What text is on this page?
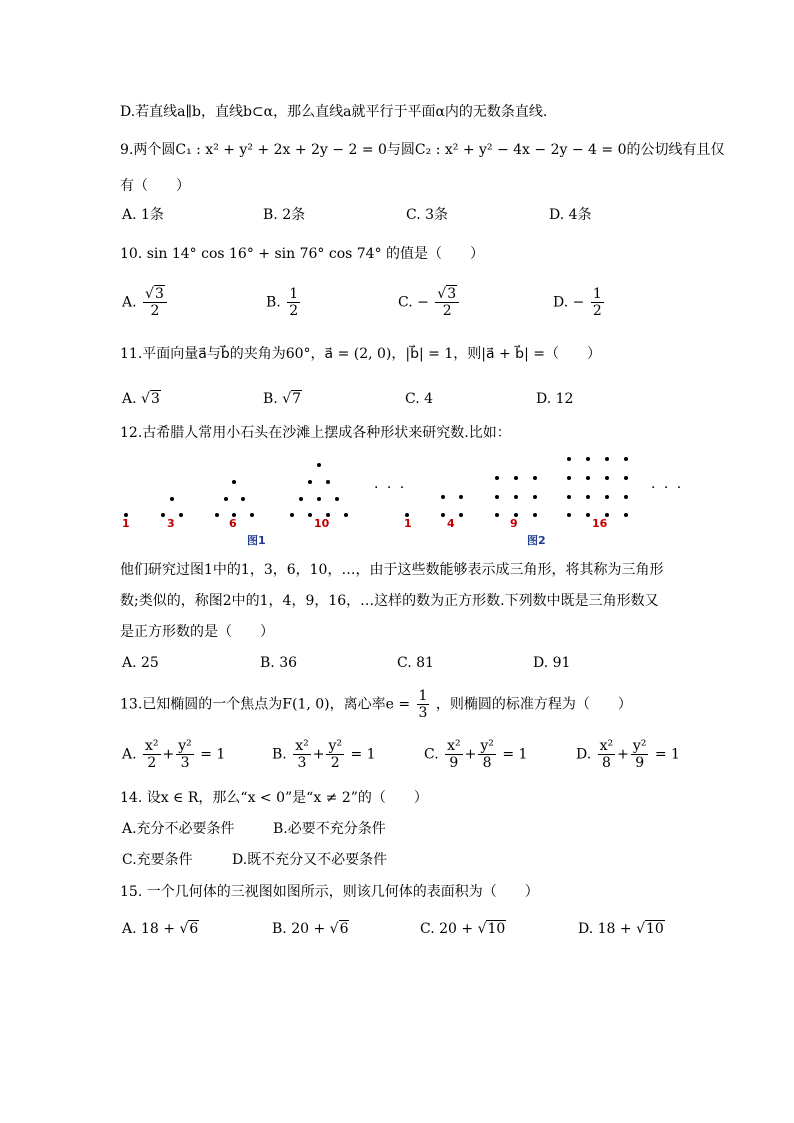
D.若直线a∥b，直线b⊂α，那么直线a就平行于平面α内的无数条直线.
9.两个圆C₁ : x² + y² + 2x + 2y − 2 = 0与圆C₂ : x² + y² − 4x − 2y − 4 = 0的公切线有且仅
有（　　）
A. 1条	B. 2条	C. 3条	D. 4条
10. sin 14° cos 16° + sin 76° cos 74° 的值是（　　）
A. $\frac{√3}{2}$	B. $\frac{1}{2}$	C. − $\frac{√3}{2}$	D. − $\frac{1}{2}$
11.平面向量a⃗与b⃗的夹角为60°，a⃗ = (2, 0)，|b⃗| = 1，则|a⃗ + b⃗| =（　　）
A. √3	B. √7	C. 4	D. 12
12.古希腊人常用小石头在沙滩上摆成各种形状来研究数.比如：
1	3	6	10
· · ·
图1
1	4	9	16
· · ·
图2
他们研究过图1中的1，3，6，10，…，由于这些数能够表示成三角形，将其称为三角形
数;类似的，称图2中的1，4，9，16，…这样的数为正方形数.下列数中既是三角形数又
是正方形数的是（　　）
A. 25	B. 36	C. 81	D. 91
13.已知椭圆的一个焦点为F(1, 0)，离心率$e = \frac{1}{3}$ ，则椭圆的标准方程为（　　）
A. $\frac{\text{x²}}{2} + \frac{\text{y²}}{3} = 1$	B. $\frac{\text{x²}}{3} + \frac{\text{y²}}{2} = 1$	C. $\frac{\text{x²}}{9} + \frac{\text{y²}}{8} = 1$	D. $\frac{\text{x²}}{8} + \frac{\text{y²}}{9} = 1$
14. 设x ∈ R，那么“x < 0”是“x ≠ 2”的（　　）
A.充分不必要条件	B.必要不充分条件
C.充要条件	D.既不充分又不必要条件
15. 一个几何体的三视图如图所示，则该几何体的表面积为（　　）
A. 18 + √6	B. 20 + √6	C. 20 + √10	D. 18 + √10
